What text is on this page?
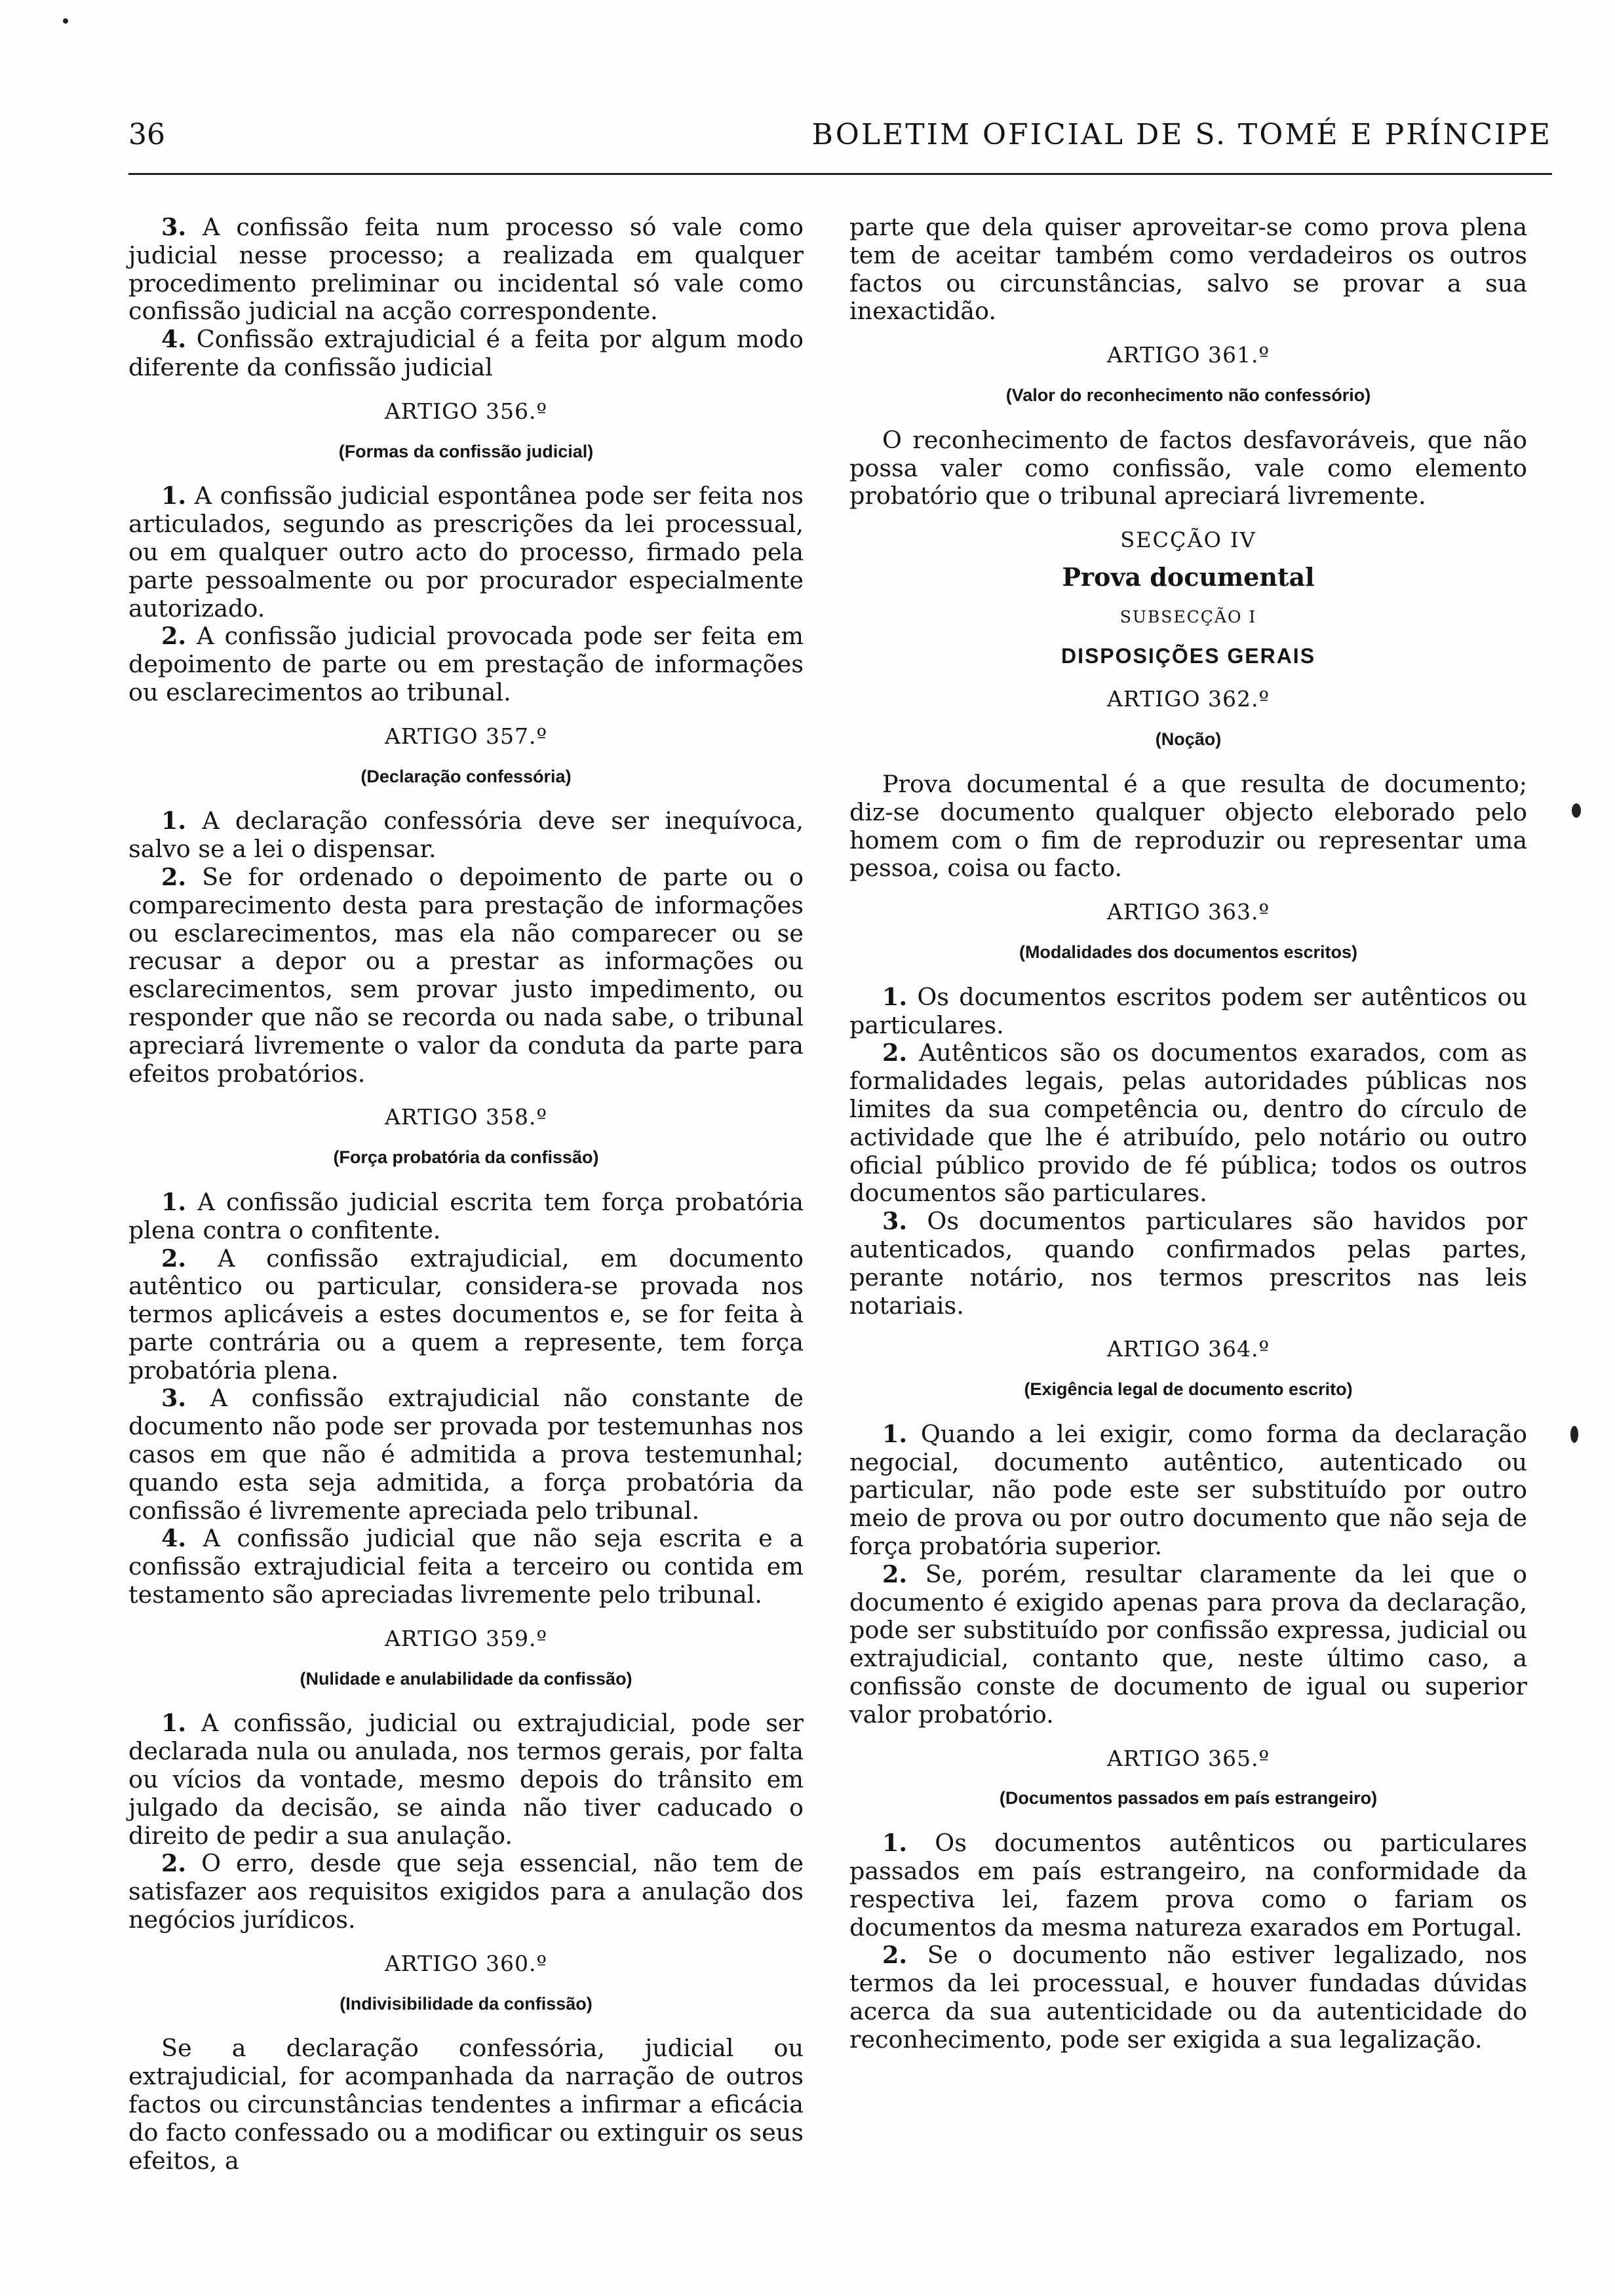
36	BOLETIM OFICIAL DE S. TOMÉ E PRÍNCIPE

3. A confissão feita num processo só vale como judicial nesse processo; a realizada em qualquer procedimento preliminar ou incidental só vale como confissão judicial na acção correspondente.

4. Confissão extrajudicial é a feita por algum modo diferente da confissão judicial

ARTIGO 356.º

(Formas da confissão judicial)

1. A confissão judicial espontânea pode ser feita nos articulados, segundo as prescrições da lei processual, ou em qualquer outro acto do processo, firmado pela parte pessoalmente ou por procurador especialmente autorizado.

2. A confissão judicial provocada pode ser feita em depoimento de parte ou em prestação de informações ou esclarecimentos ao tribunal.

ARTIGO 357.º

(Declaração confessória)

1. A declaração confessória deve ser inequívoca, salvo se a lei o dispensar.

2. Se for ordenado o depoimento de parte ou o comparecimento desta para prestação de informações ou esclarecimentos, mas ela não comparecer ou se recusar a depor ou a prestar as informações ou esclarecimentos, sem provar justo impedimento, ou responder que não se recorda ou nada sabe, o tribunal apreciará livremente o valor da conduta da parte para efeitos probatórios.

ARTIGO 358.º

(Força probatória da confissão)

1. A confissão judicial escrita tem força probatória plena contra o confitente.

2. A confissão extrajudicial, em documento autêntico ou particular, considera-se provada nos termos aplicáveis a estes documentos e, se for feita à parte contrária ou a quem a represente, tem força probatória plena.

3. A confissão extrajudicial não constante de documento não pode ser provada por testemunhas nos casos em que não é admitida a prova testemunhal; quando esta seja admitida, a força probatória da confissão é livremente apreciada pelo tribunal.

4. A confissão judicial que não seja escrita e a confissão extrajudicial feita a terceiro ou contida em testamento são apreciadas livremente pelo tribunal.

ARTIGO 359.º

(Nulidade e anulabilidade da confissão)

1. A confissão, judicial ou extrajudicial, pode ser declarada nula ou anulada, nos termos gerais, por falta ou vícios da vontade, mesmo depois do trânsito em julgado da decisão, se ainda não tiver caducado o direito de pedir a sua anulação.

2. O erro, desde que seja essencial, não tem de satisfazer aos requisitos exigidos para a anulação dos negócios jurídicos.

ARTIGO 360.º

(Indivisibilidade da confissão)

Se a declaração confessória, judicial ou extrajudicial, for acompanhada da narração de outros factos ou circunstâncias tendentes a infirmar a eficácia do facto confessado ou a modificar ou extinguir os seus efeitos, a

parte que dela quiser aproveitar-se como prova plena tem de aceitar também como verdadeiros os outros factos ou circunstâncias, salvo se provar a sua inexactidão.

ARTIGO 361.º

(Valor do reconhecimento não confessório)

O reconhecimento de factos desfavoráveis, que não possa valer como confissão, vale como elemento probatório que o tribunal apreciará livremente.

SECÇÃO IV

Prova documental

SUBSECÇÃO I

DISPOSIÇÕES GERAIS

ARTIGO 362.º

(Noção)

Prova documental é a que resulta de documento; diz-se documento qualquer objecto eleborado pelo homem com o fim de reproduzir ou representar uma pessoa, coisa ou facto.

ARTIGO 363.º

(Modalidades dos documentos escritos)

1. Os documentos escritos podem ser autênticos ou particulares.

2. Autênticos são os documentos exarados, com as formalidades legais, pelas autoridades públicas nos limites da sua competência ou, dentro do círculo de actividade que lhe é atribuído, pelo notário ou outro oficial público provido de fé pública; todos os outros documentos são particulares.

3. Os documentos particulares são havidos por autenticados, quando confirmados pelas partes, perante notário, nos termos prescritos nas leis notariais.

ARTIGO 364.º

(Exigência legal de documento escrito)

1. Quando a lei exigir, como forma da declaração negocial, documento autêntico, autenticado ou particular, não pode este ser substituído por outro meio de prova ou por outro documento que não seja de força probatória superior.

2. Se, porém, resultar claramente da lei que o documento é exigido apenas para prova da declaração, pode ser substituído por confissão expressa, judicial ou extrajudicial, contanto que, neste último caso, a confissão conste de documento de igual ou superior valor probatório.

ARTIGO 365.º

(Documentos passados em país estrangeiro)

1. Os documentos autênticos ou particulares passados em país estrangeiro, na conformidade da respectiva lei, fazem prova como o fariam os documentos da mesma natureza exarados em Portugal.

2. Se o documento não estiver legalizado, nos termos da lei processual, e houver fundadas dúvidas acerca da sua autenticidade ou da autenticidade do reconhecimento, pode ser exigida a sua legalização.
